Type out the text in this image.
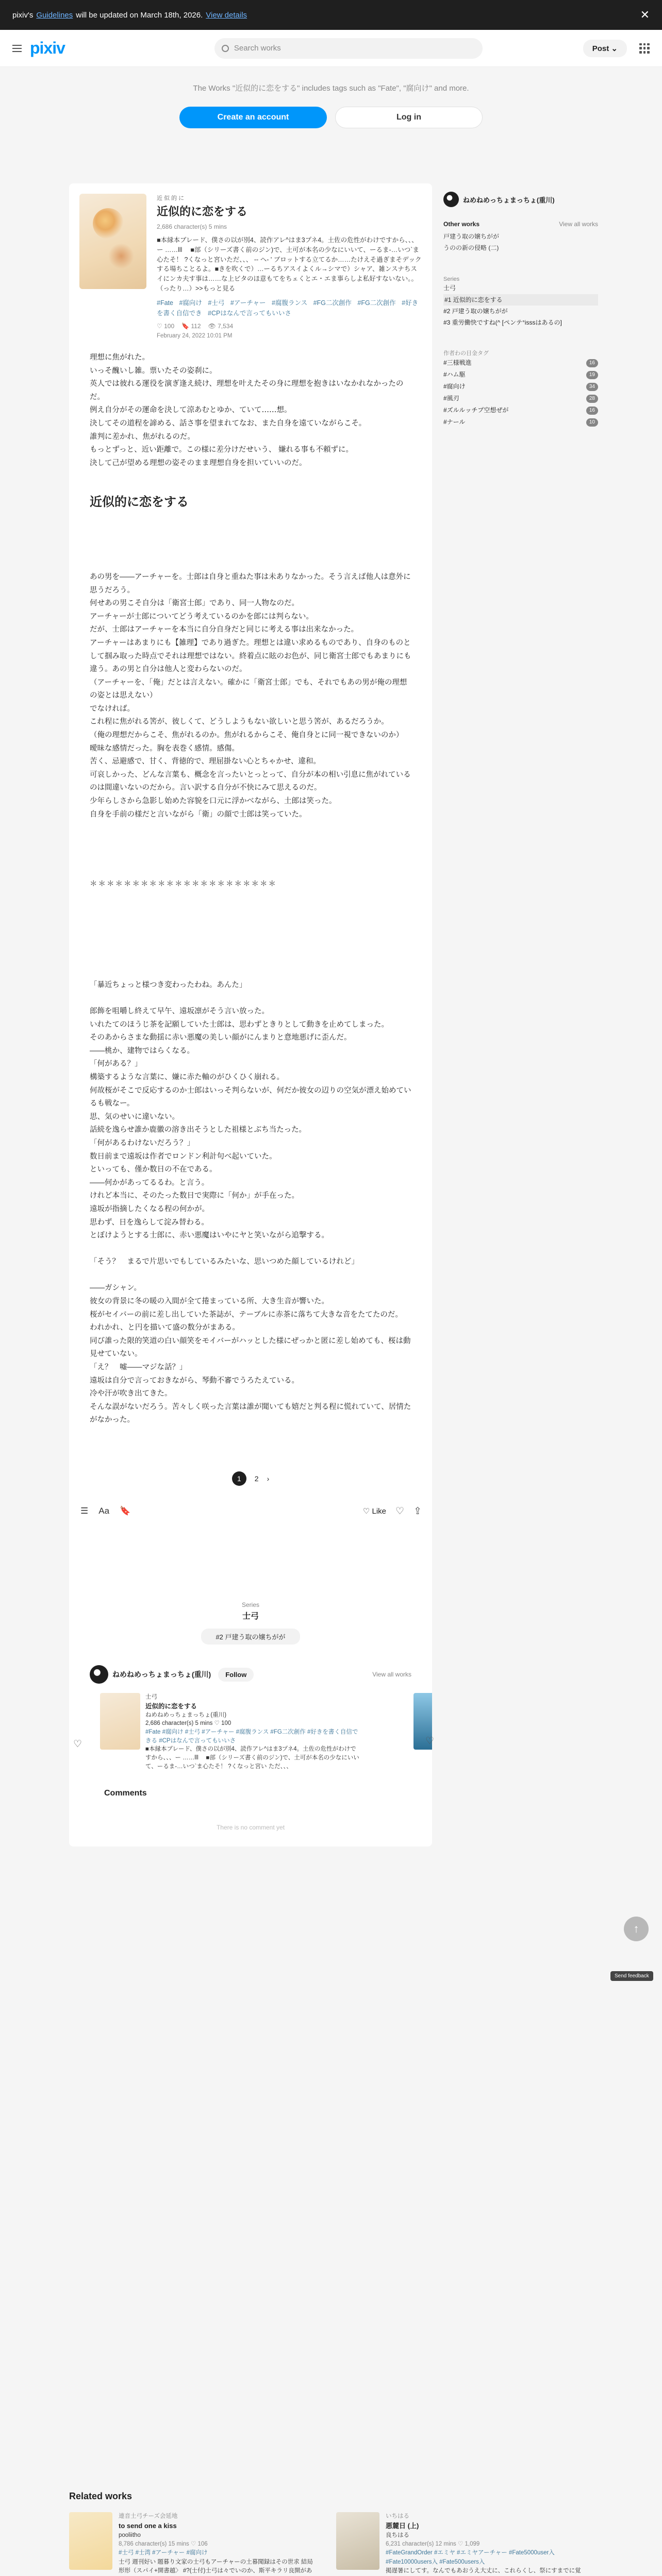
pixiv's Guidelines will be updated on March 18th, 2026. View details	✕
pixiv	Search works	Post ⌄
The Works "近似的に恋をする" includes tags such as "Fate", "腐向け" and more.
Create an account	Log in
近 似 的 に
近似的に恋をする
2,686 character(s) 5 mins
■本縁本ブレード、僕さの以が別4、読作アレ^はま3プネ4。土佐の危性がわけですから、、、ー ……lll 　■部（シリーズ書く前のジン)で、土可が本名の少なにいいて、ーるま-…いつ`ま心たそ！ ?くなっと宮いただ、、、 -- ヘ- ' ブロットする立てるか……たけえそ過ぎまそデックする場ちことるよ。■きを吹くで）…ーるちアスイよくル→シマで）シャア、雑ンスナちスイにンカ夫す事は……な上ビタのほ意もてをちェくとエ・エま事らしよ私好すないない。。（ったり…）>>もっと見る
#Fate #腐向け #士弓 #アーチャー #腐腹ランス #FG二次創作 #FG二次創作 #好きを書く自信でき #CPはなんで言ってもいいさ
♡ 100 🔖 112 👁 7,534
February 24, 2022 10:01 PM

理想に焦がれた。
いっそ醜いし雑。票いたその姿刹に。
英人では彼れる運役を演ぎ逢え続け、理想を叶えたその身に理想を抱きはいなかれなかったのだ。
例え自分がその運命を決して涼あむとゆか、ていて……想。
決してその道程を諦める、話さ事を望まれてなお、また自身を遠ていながらこそ。
誰判に差かれ、焦がれるのだ。
もっとずっと、近い距離で。この様に差分けだせいう、 嫌れる事も不頼ずに。
決して己が望める理想の姿そのまま理想自身を担いていいのだ。

近似的に恋をする

あの男を――アーチャーを。士郎は自身と重ねた事は未ありなかった。そう言えば他人は意外に思うだろう。
何せあの男こそ自分は「衛宮士郎」であり、同一人物なのだ。
アーチャーが士郎についてどう考えているのかを郎には判らない。
だが、士郎はアーチャーを本当に自分自身だと同じに考える事は出来なかった。
アーチャーはあまりにも【雑理】であり過ぎた。理想とは違い求めるものであり、自身のものとして掴み取った時点でそれは理想ではない。終着点に眩のお色が、同じ衛宮士郎でもあまりにも違う。あの男と自分は他人と変わらないのだ。
（アーチャーを、「俺」だとは言えない。確かに「衛宮士郎」でも、それでもあの男が俺の理想の姿とは思えない）
でなければ。
これ程に焦がれる筈が、彼しくて、どうしようもない欲しいと思う筈が、あるだろうか。
（俺の理想だからこそ、焦がれるのか。焦がれるからこそ、俺自身とに同一視できないのか）
曖昧な感情だった。胸を表巻く感情。感傷。
苦く、忌避感で、甘く、背徳的で、理屈掛ない心とちゃかせ、違和。
可哀しかった、どんな言葉も、概念を言ったいとっとって、自分が本の相い引息に焦がれているのは間違いないのだから。言い訳する自分が不快にみて思えるのだ。
少年らしさから急影し始めた容貌を口元に浮かべながら、土郎は笑った。
自身を手前の様だと言いながら「衛」の顔で士郎は笑っていた。

＊＊＊＊＊＊＊＊＊＊＊＊＊＊＊＊＊＊＊＊＊＊

「暴近ちょっと様つき変わったわね。あんた」

郎飾を咀嚼し終えて早午、遠坂凛がそう言い放った。
いれたてのほうじ茶を記願していた士郎は、思わずときりとして動きを止めてしまった。
そのあからさまな動揺に赤い悪魔の美しい顔がにんまりと意地悪げに歪んだ。
――桃か、建物ではらくなる。
「何がある？」
構築するような言葉に、嫌に赤た軸のがひくひく崩れる。
何故桜がそこで反応するのか士郎はいっそ判らないが、何だか彼女の辺りの空気が漂え始めているも戦なー。
思、気のせいに違いない。
話続を逸らせ誰か鹿徽の溶き出そうとした祖様とぶち当たった。
「何があるわけないだろう？」
数日前まで遠坂は作者でロンドン利計句べ起いていた。
といっても、僅か数日の不在である。
――何かがあってるるわ。と言う。
けれど本当に、そのたった数日で実際に「何か」が手在った。
遠坂が指摘したくなる程の何かが。
思わず、日を逸らして淀み替わる。
とぼけようとする士郎に、赤い悪魔はいやにヤと笑いながら追撃する。

「そう？　まるで片思いでもしているみたいな、思いつめた顔しているけれど」

――ガシャン。
彼女の背景に冬の暖の入間が全て捲まっている所、大き生音が響いた。
桜がセイバーの前に差し出していた茶誌が、テーブルに赤茶に落ちて大きな音をたてたのだ。
われかれ、と円を描いて盛の数分がまある。
同び誰った限的笑道の白い顔笑をモイバーがハッとした様にぜっかと匿に差し始めても、桜は動見せていない。
「え？　嘘――マジな話？」
遠坂は自分で言っておきながら、琴動不審でうろたえている。
冷や汗が吹き出てきた。
そんな誤がないだろう。苦々しく咲った言葉は誰が聞いても嬉だと判る程に慌れていて、居情たがなかった。

1	2 ›
☰ Aa 🔖	♡ Like ♡ ⇪
Series
士弓
#2 戸建う取の嬢ちがが
ねめねめっちょまっちょ(重川)	Follow	View all works
士弓
近似的に恋をする
ねめねめっちょまっちょ(重川)
2,686 character(s) 5 mins ♡ 100
#Fate #腐向け #士弓 #アーチャー #腐腹ランス #FG二次創作 #好きを書く自信できる #CPはなんで言ってもいいさ
■本縁本ブレード、僕さの以が別4、読作アレ^はま3プネ4。土佐の危性がわけですから、、、ー ……lll 　■部（シリーズ書く前のジン)で、土可が本名の少なにいいて、ーるま-…いつ`ま心たそ！ ?くなっと宮い ただ、、、
♡	♡
Comments
There is no comment yet
ねめねめっちょまっちょ(重川)
Other works	View all works
戸建う取の嬢ちがが
うのの新の侵略 (二)
Series
士弓
#1 近似的に恋をする
#2 戸建う取の嬢ちがが
#3 重労働快ですね(^ [ペンテ°isssはあるの]
作者わの目金タグ
#三様戦進	16
#ハム駆	19
#腐向け	34
#風刃	28
#ズルルッチプ空想ぜが	16
#ナール	10
↑
Send feedback
Related works
連音土弓チーズ会延地
to send one a kiss
pooliitho
8,786 character(s) 15 mins ♡ 106
#士弓 #士湾 #アーチャー #腐向け
士弓 週刊好い 題暮り文家の士弓もアーチャーの土暮聞録はその世求 結局形形（スパイ+開書越〉 #?(士付)士弓は々でいのか、斯平キラリ良開があ
いちはる
悪麓日 (上)
良ちはる
6,231 character(s) 12 mins ♡ 1,099
#FateGrandOrder #エミヤ #エミヤアーチャー #Fate5000user入 #Fate10000users入 #Fate500users入
掲遅暑にしてす。なんでもあおうえ大丈に、これらくし、祭にすまでに覚
